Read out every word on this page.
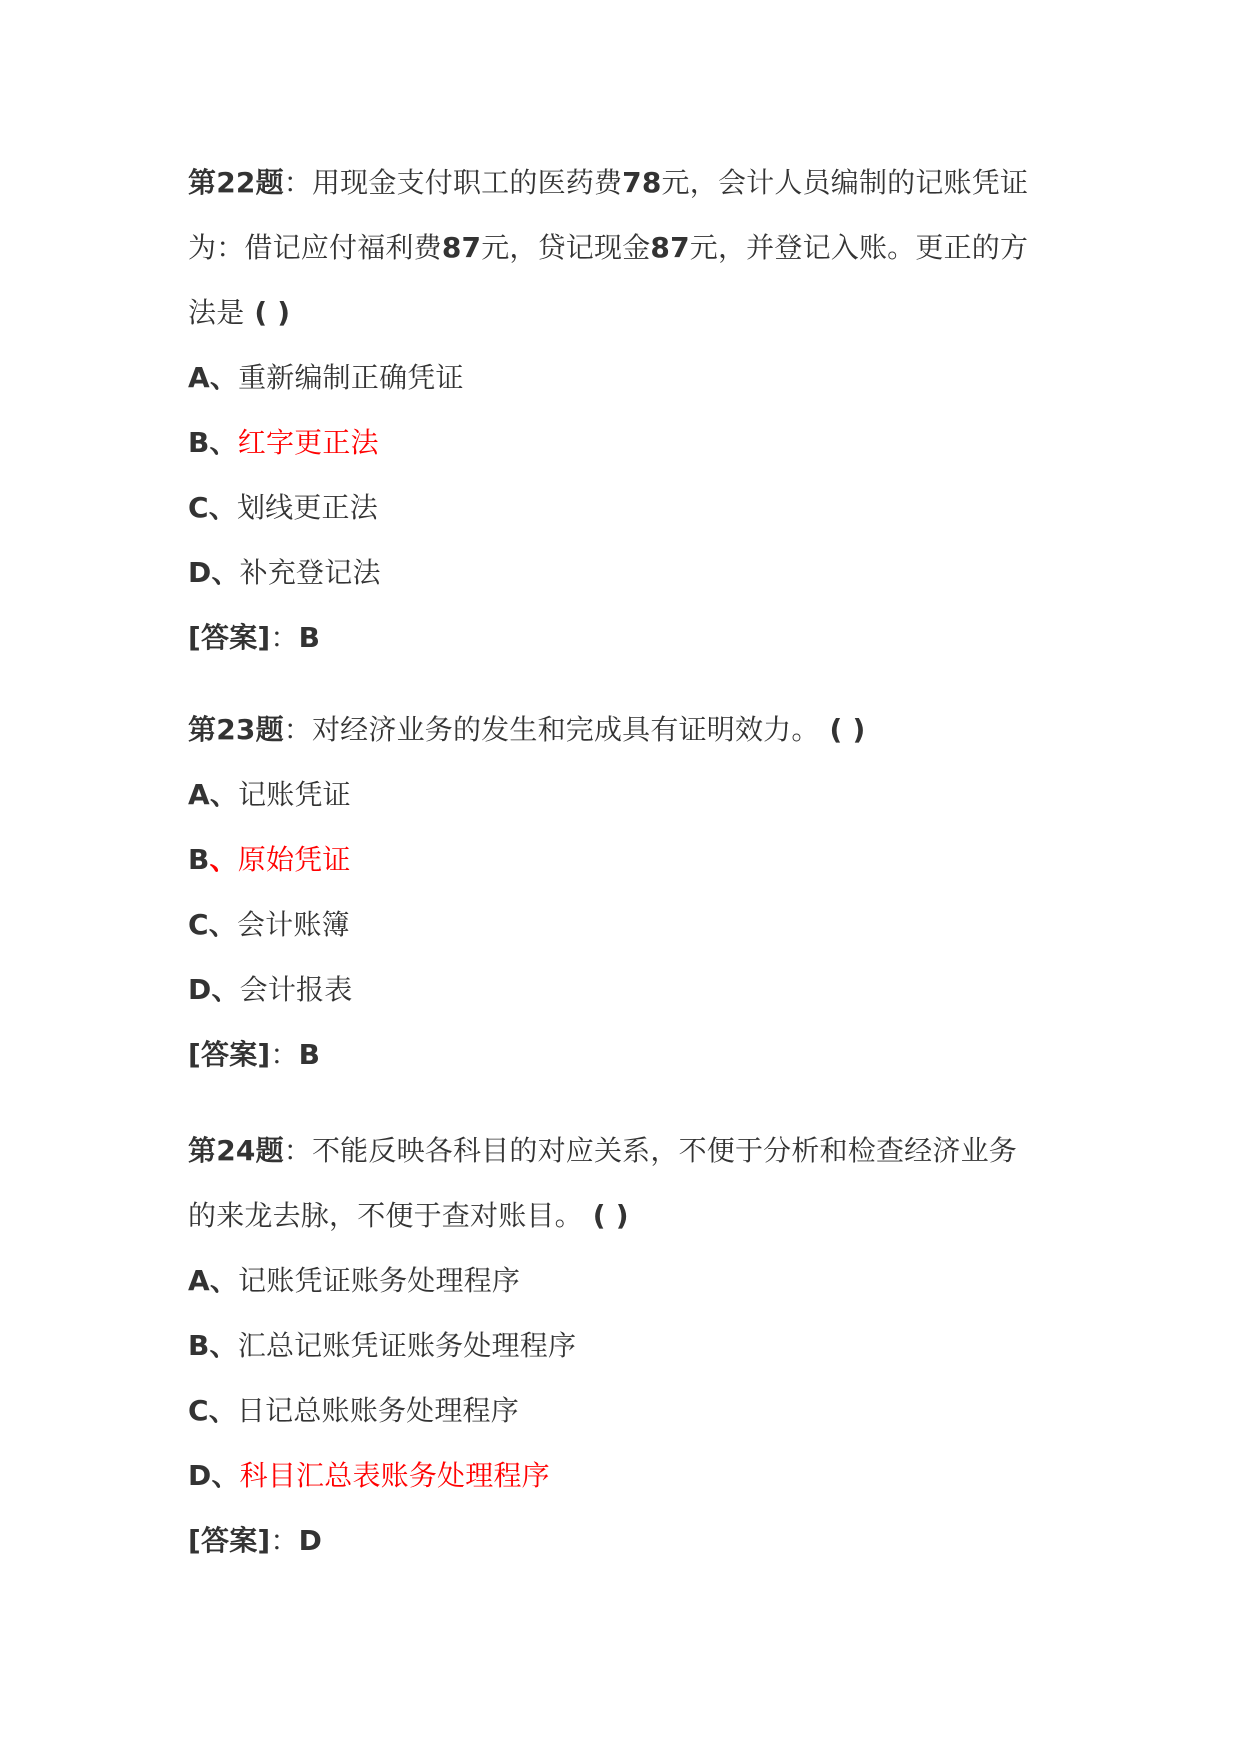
第22题：用现金支付职工的医药费78元，会计人员编制的记账凭证
为：借记应付福利费87元，贷记现金87元，并登记入账。更正的方
法是 ( )
A、重新编制正确凭证
B、红字更正法
C、划线更正法
D、补充登记法
[答案]：B
第23题：对经济业务的发生和完成具有证明效力。 ( )
A、记账凭证
B、原始凭证
C、会计账簿
D、会计报表
[答案]：B
第24题：不能反映各科目的对应关系，不便于分析和检查经济业务
的来龙去脉，不便于查对账目。 ( )
A、记账凭证账务处理程序
B、汇总记账凭证账务处理程序
C、日记总账账务处理程序
D、科目汇总表账务处理程序
[答案]：D
